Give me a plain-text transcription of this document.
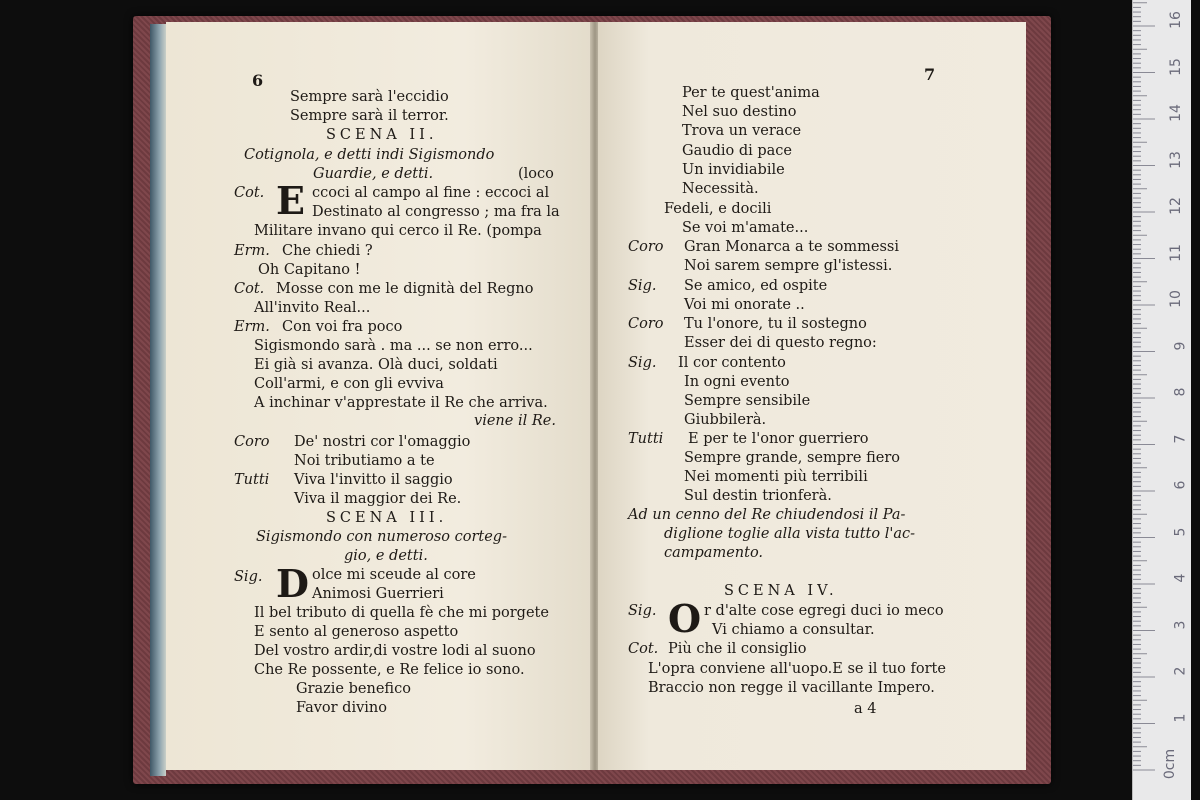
6
Sempre sarà l'eccidio
Sempre sarà il terror.
SCENA II.
Cotignola, e detti indi Sigismondo
Guardie, e detti.	(loco
Cot. E ccoci al campo al fine : eccoci al
Destinato al congresso ; ma fra la
Militare invano qui cerco il Re. (pompa
Erm. Che chiedi ?
Oh Capitano !
Cot. Mosse con me le dignità del Regno
All'invito Real...
Erm. Con voi fra poco
Sigismondo sarà . ma ... se non erro...
Ei già si avanza. Olà duci, soldati
Coll'armi, e con gli evviva
A inchinar v'apprestate il Re che arriva.
viene il Re.
Coro De' nostri cor l'omaggio
Noi tributiamo a te
Tutti Viva l'invitto il saggio
Viva il maggior dei Re.
SCENA III.
Sigismondo con numeroso corteg-
gio, e detti.
Sig. D olce mi sceude al core
Animosi Guerrieri
Il bel tributo di quella fè che mi porgete
E sento al generoso aspetto
Del vostro ardir,di vostre lodi al suono
Che Re possente, e Re felice io sono.
Grazie benefico
Favor divino
7
Per te quest'anima
Nel suo destino
Trova un verace
Gaudio di pace
Un invidiabile
Necessità.
Fedeli, e docili
Se voi m'amate...
Coro Gran Monarca a te sommessi
Noi sarem sempre gl'istessi.
Sig. Se amico, ed ospite
Voi mi onorate ..
Coro Tu l'onore, tu il sostegno
Esser dei di questo regno:
Sig. Il cor contento
In ogni evento
Sempre sensibile
Giubbilerà.
Tutti E per te l'onor guerriero
Sempre grande, sempre fiero
Nei momenti più terribili
Sul destin trionferà.
Ad un cenno del Re chiudendosi il Pa-
diglione toglie alla vista tutto l'ac-
campamento.
SCENA IV.
Sig. O r d'alte cose egregi duci io meco
Vi chiamo a consultar.
Cot. Più che il consiglio
L'opra conviene all'uopo.E se il tuo forte
Braccio non regge il vacillante Impero.
a 4
0cm
1
2
3
4
5
6
7
8
9
10
11
12
13
14
15
16
